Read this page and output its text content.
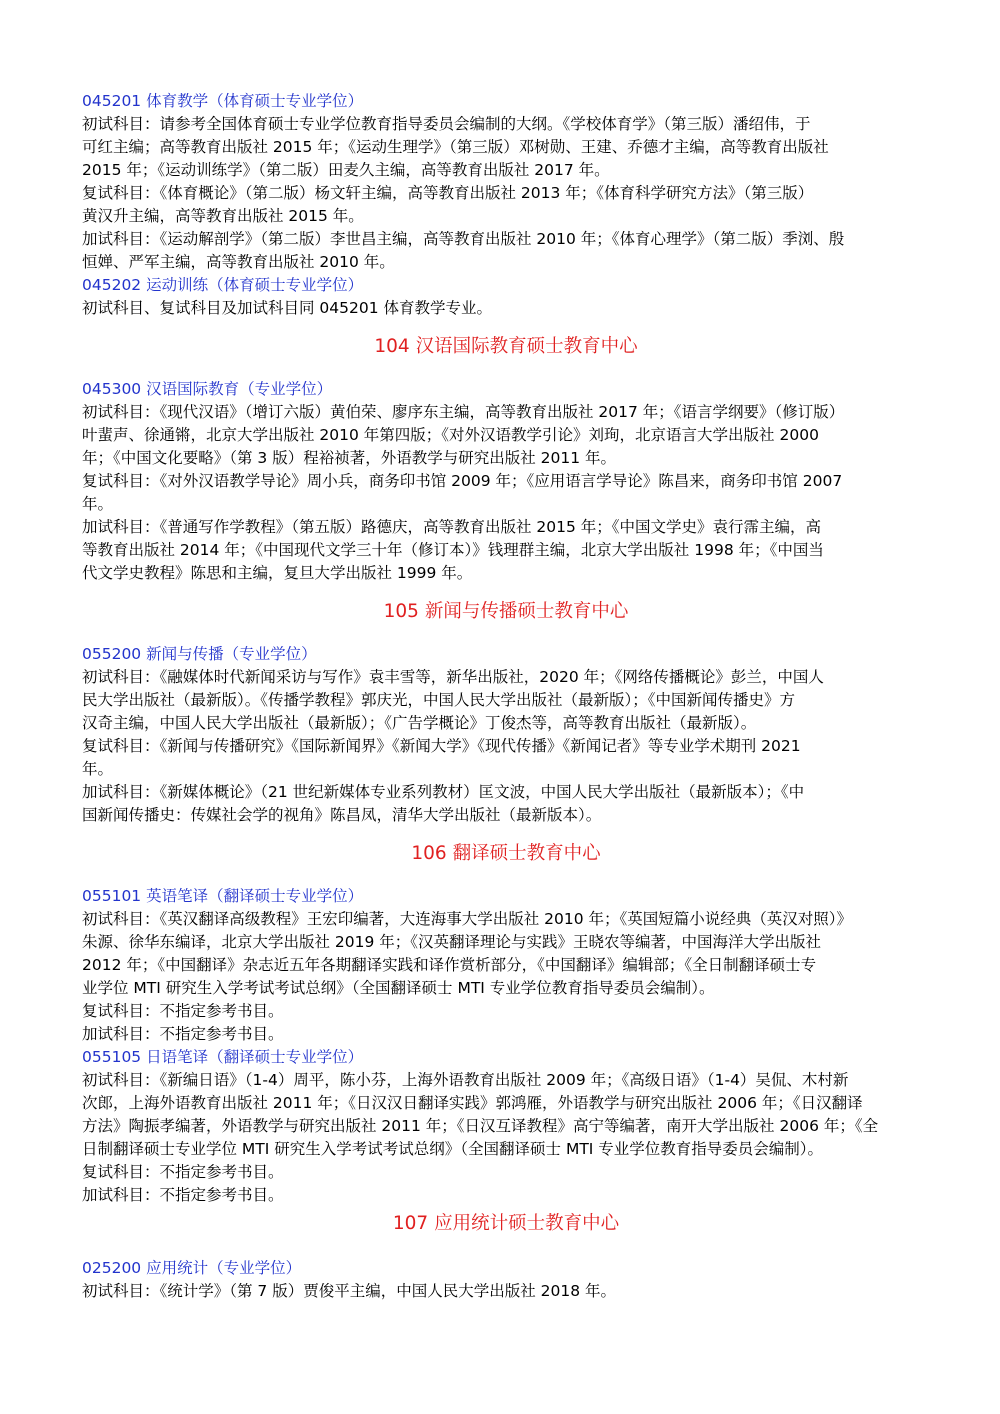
045201 体育教学（体育硕士专业学位）

初试科目：请参考全国体育硕士专业学位教育指导委员会编制的大纲。《学校体育学》（第三版）潘绍伟，于

可红主编；高等教育出版社 2015 年；《运动生理学》（第三版）邓树勋、王建、乔德才主编，高等教育出版社

2015 年；《运动训练学》（第二版）田麦久主编，高等教育出版社 2017 年。

复试科目：《体育概论》（第二版）杨文轩主编，高等教育出版社 2013 年；《体育科学研究方法》（第三版）

黄汉升主编，高等教育出版社 2015 年。

加试科目：《运动解剖学》（第二版）李世昌主编，高等教育出版社 2010 年；《体育心理学》（第二版）季浏、殷

恒婵、严军主编，高等教育出版社 2010 年。

045202 运动训练（体育硕士专业学位）

初试科目、复试科目及加试科目同 045201 体育教学专业。

104 汉语国际教育硕士教育中心

045300 汉语国际教育（专业学位）

初试科目：《现代汉语》（增订六版）黄伯荣、廖序东主编，高等教育出版社 2017 年；《语言学纲要》（修订版）

叶蜚声、徐通锵，北京大学出版社 2010 年第四版；《对外汉语教学引论》刘珣，北京语言大学出版社 2000

年；《中国文化要略》（第 3 版）程裕祯著，外语教学与研究出版社 2011 年。

复试科目：《对外汉语教学导论》周小兵，商务印书馆 2009 年；《应用语言学导论》陈昌来，商务印书馆 2007

年。

加试科目：《普通写作学教程》（第五版）路德庆，高等教育出版社 2015 年；《中国文学史》袁行霈主编，高

等教育出版社 2014 年；《中国现代文学三十年（修订本）》钱理群主编，北京大学出版社 1998 年；《中国当

代文学史教程》陈思和主编，复旦大学出版社 1999 年。

105 新闻与传播硕士教育中心

055200 新闻与传播（专业学位）

初试科目：《融媒体时代新闻采访与写作》袁丰雪等，新华出版社，2020 年；《网络传播概论》彭兰，中国人

民大学出版社（最新版）。《传播学教程》郭庆光，中国人民大学出版社（最新版）；《中国新闻传播史》方

汉奇主编，中国人民大学出版社（最新版）；《广告学概论》丁俊杰等，高等教育出版社（最新版）。

复试科目：《新闻与传播研究》《国际新闻界》《新闻大学》《现代传播》《新闻记者》等专业学术期刊 2021

年。

加试科目：《新媒体概论》（21 世纪新媒体专业系列教材）匡文波，中国人民大学出版社（最新版本）；《中

国新闻传播史：传媒社会学的视角》陈昌凤，清华大学出版社（最新版本）。

106 翻译硕士教育中心

055101 英语笔译（翻译硕士专业学位）

初试科目：《英汉翻译高级教程》王宏印编著，大连海事大学出版社 2010 年；《英国短篇小说经典（英汉对照）》

朱源、徐华东编译，北京大学出版社 2019 年；《汉英翻译理论与实践》王晓农等编著，中国海洋大学出版社

2012 年；《中国翻译》杂志近五年各期翻译实践和译作赏析部分，《中国翻译》编辑部；《全日制翻译硕士专

业学位 MTI 研究生入学考试考试总纲》（全国翻译硕士 MTI 专业学位教育指导委员会编制）。

复试科目：不指定参考书目。

加试科目：不指定参考书目。

055105 日语笔译（翻译硕士专业学位）

初试科目：《新编日语》（1-4）周平，陈小芬，上海外语教育出版社 2009 年；《高级日语》（1-4）吴侃、木村新

次郎，上海外语教育出版社 2011 年；《日汉汉日翻译实践》郭鸿雁，外语教学与研究出版社 2006 年；《日汉翻译

方法》陶振孝编著，外语教学与研究出版社 2011 年；《日汉互译教程》高宁等编著，南开大学出版社 2006 年；《全

日制翻译硕士专业学位 MTI 研究生入学考试考试总纲》（全国翻译硕士 MTI 专业学位教育指导委员会编制）。

复试科目：不指定参考书目。

加试科目：不指定参考书目。

107 应用统计硕士教育中心

025200 应用统计（专业学位）

初试科目：《统计学》（第 7 版）贾俊平主编，中国人民大学出版社 2018 年。
